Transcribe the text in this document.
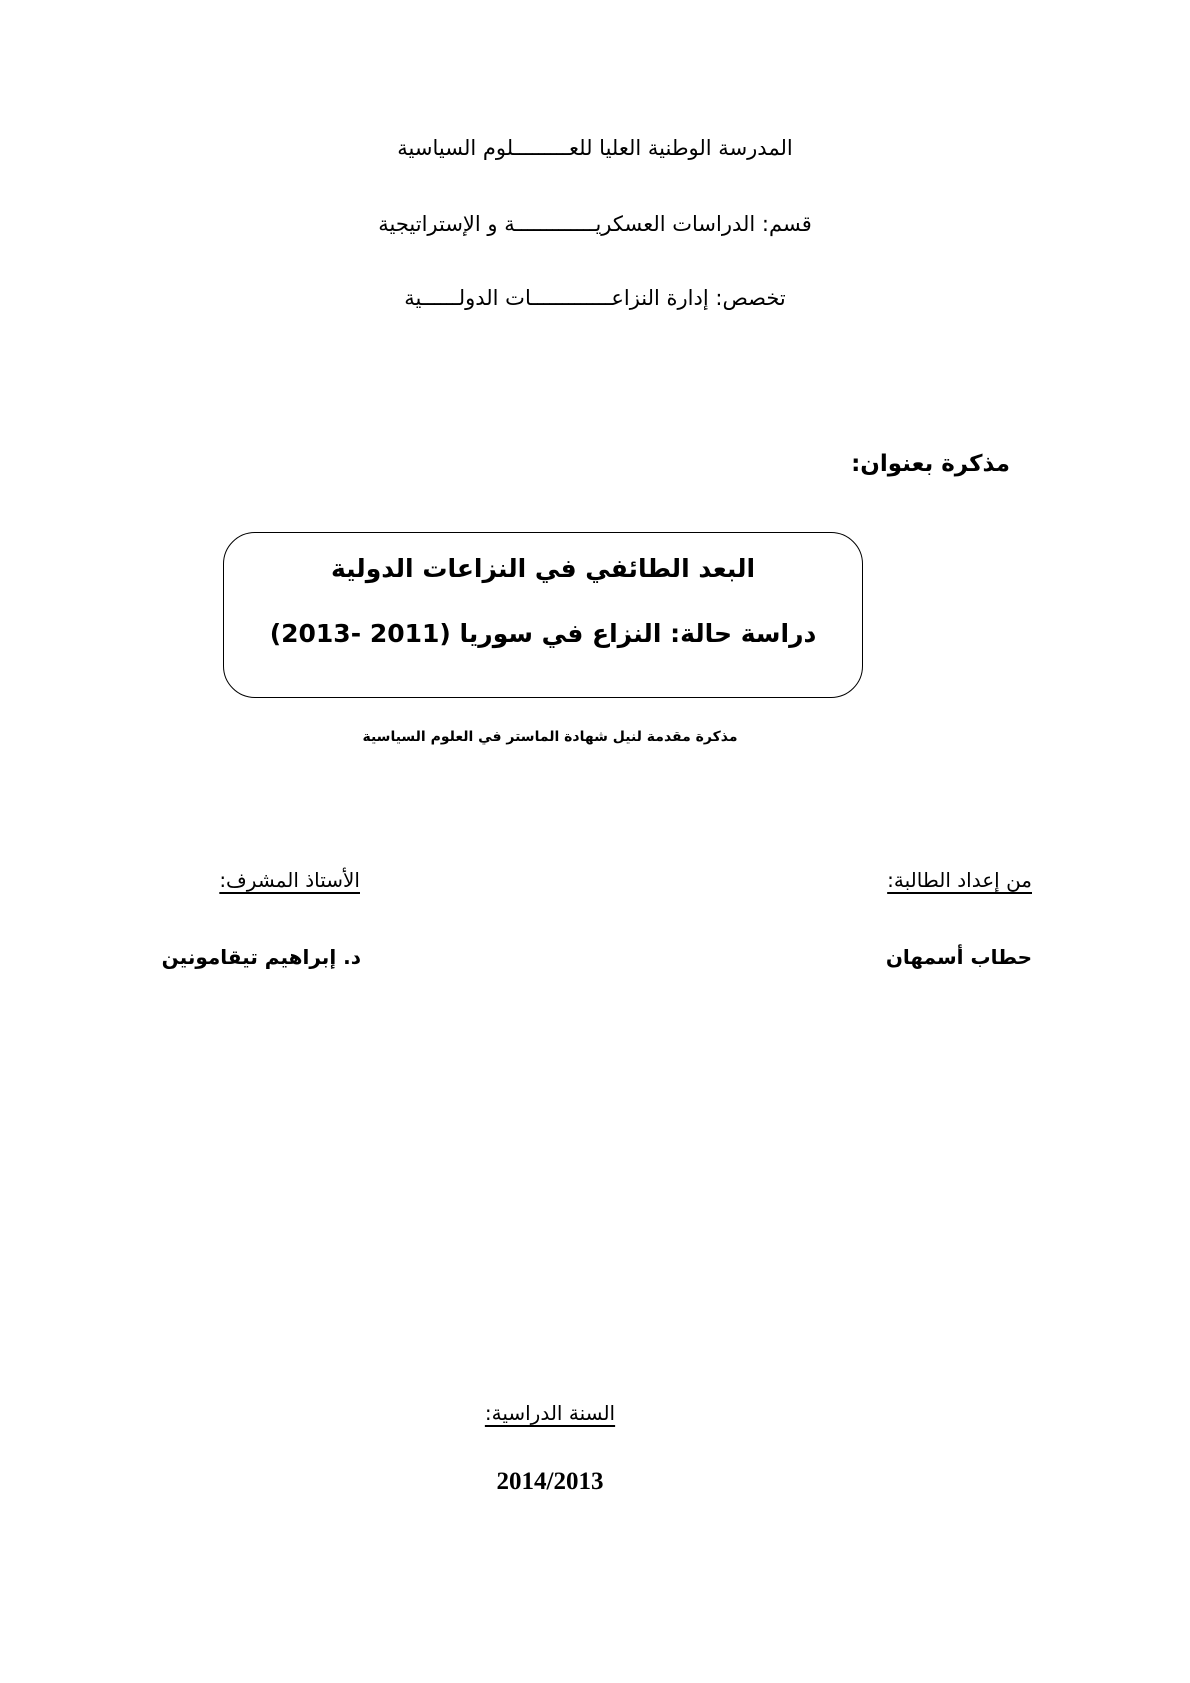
المدرسة الوطنية العليا للعـــــــــلوم السياسية
قسم: الدراسات العسكريـــــــــــــة و الإستراتيجية
تخصص: إدارة النزاعـــــــــــــات الدولــــــية
مذكرة بعنوان:
البعد الطائفي في النزاعات الدولية
دراسة حالة: النزاع في سوريا (2011 -2013)
مذكرة مقدمة لنيل شهادة الماستر في العلوم السياسية
من إعداد الطالبة:
الأستاذ المشرف:
حطاب أسمهان
د. إبراهيم تيقامونين
السنة الدراسية:
2014/2013
